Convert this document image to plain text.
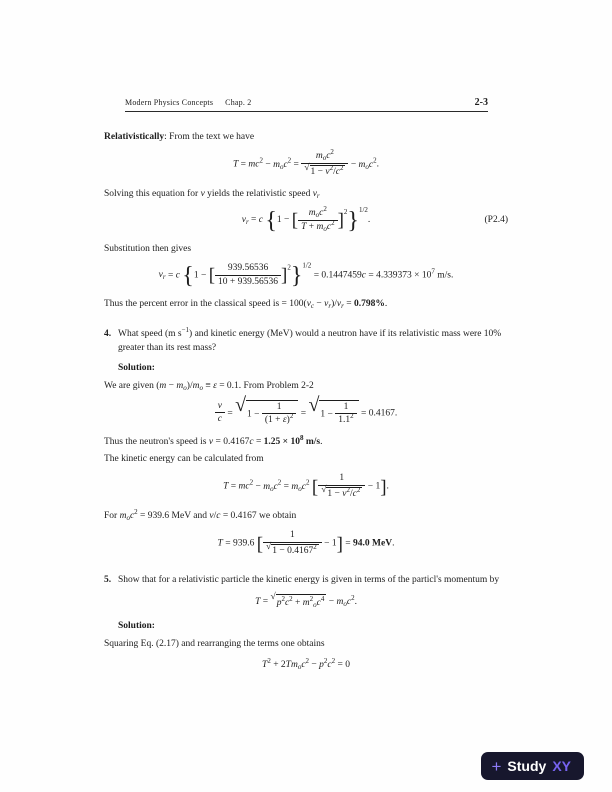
Modern Physics Concepts Chap. 2	2-3

Relativistically: From the text we have

$T = mc^2 - m_oc^2 = \frac{m_oc^2}{√ 1 - v^2/c^2} - m_oc^2$.

Solving this equation for v yields the relativistic speed $v_r$

$v_r = c$ {1 − [ $\frac{m_oc^2}{T + m_oc^2} ]^2\}^{1/2}$.	(P2.4)

Substitution then gives

$v_r = c$ {1 − [ $\frac{939.56536}{10 + 939.56536} ]^2\}^{1/2} = 0.1447459c = 4.339373 \times 10^7$ m/s.

Thus the percent error in the classical speed is = $100(v_c - v_r)/v_r = 0.798\%$.

4. What speed (m $s^{-1}$) and kinetic energy (MeV) would a neutron have if its relativistic mass were 10% greater than its rest mass?

Solution:

We are given $(m - m_o)/m_o \equiv \varepsilon = 0.1$. From Problem 2-2

$\frac{v}{c}$ = √ $1 - \frac{1}{(1 + \varepsilon)^2}$ = √ $1 - \frac{1}{1.1^2} = 0.4167$.

Thus the neutron's speed is $v = 0.4167c = 1.25 \times 10^8$ m/s.

The kinetic energy can be calculated from

$T = mc^2 - m_oc^2 = m_oc^2$ [ $\frac{1}{√ 1 - v^2/c^2} - 1$].

For $m_oc^2 = 939.6$ MeV and v/c = 0.4167 we obtain

T = 939.6 [ $\frac{1}{√ 1 - 0.4167^2} - 1] = 94.0$ MeV.
5. Show that for a relativistic particle the kinetic energy is given in terms of the particl's momentum by
T =
√
$p^2c^2 + m^2_oc^4 - m_oc^2$.

Solution:

Squaring Eq. (2.17) and rearranging the terms one obtains

$T^2 + 2Tm_oc^2 - p^2c^2 = 0$
+ Study XY
